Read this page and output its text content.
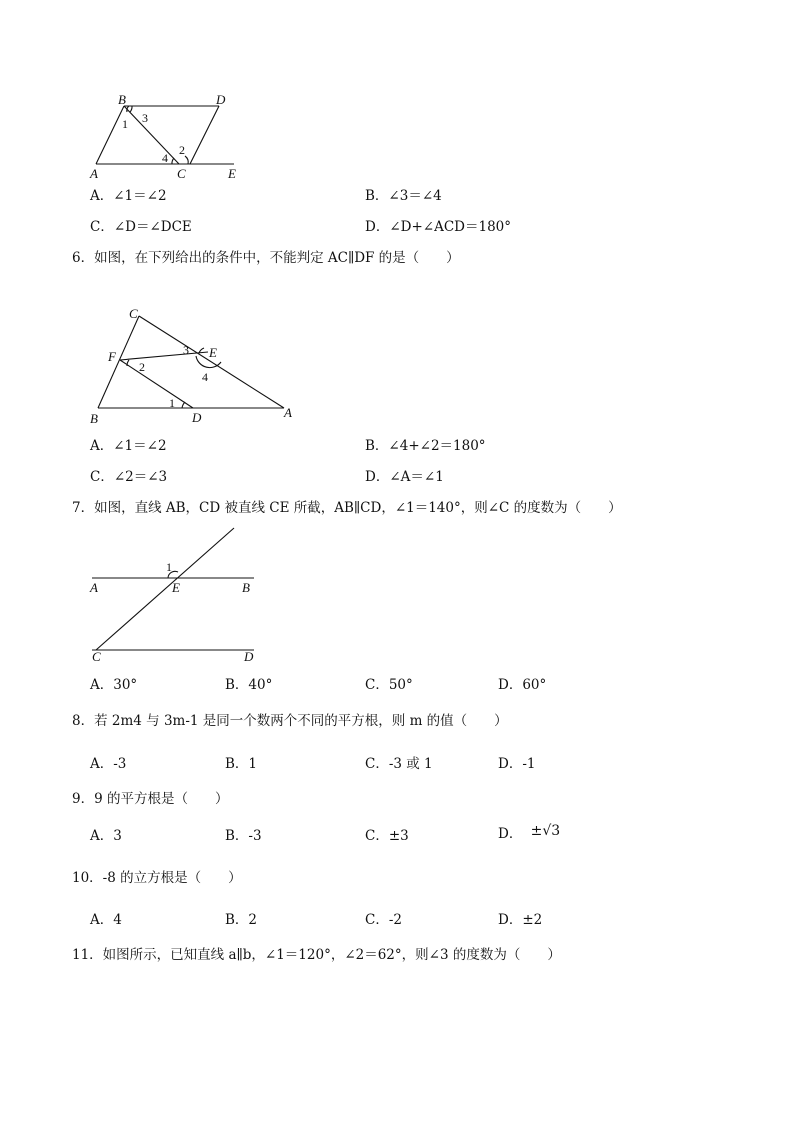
B	D
A	C	E
1 3
2
4
A．∠1＝∠2	B．∠3＝∠4
C．∠D＝∠DCE	D．∠D+∠ACD＝180°
6．如图，在下列给出的条件中，不能判定 AC∥DF 的是（　　）
C
F	E
B	D	A
2
3
4
1
A．∠1＝∠2	B．∠4+∠2＝180°
C．∠2＝∠3	D．∠A＝∠1
7．如图，直线 AB，CD 被直线 CE 所截，AB∥CD，∠1＝140°，则∠C 的度数为（　　）
A	E	B
C	D
1
A．30°	B．40°	C．50°	D．60°
8．若 2m4 与 3m-1 是同一个数两个不同的平方根，则 m 的值（　　）
A．-3	B．1	C．-3 或 1	D．-1
9．9 的平方根是（　　）
A．3	B．-3	C．±3	D． ±√3
10．-8 的立方根是（　　）
A．4	B．2	C．-2	D．±2
11．如图所示，已知直线 a∥b，∠1＝120°，∠2＝62°，则∠3 的度数为（　　）
